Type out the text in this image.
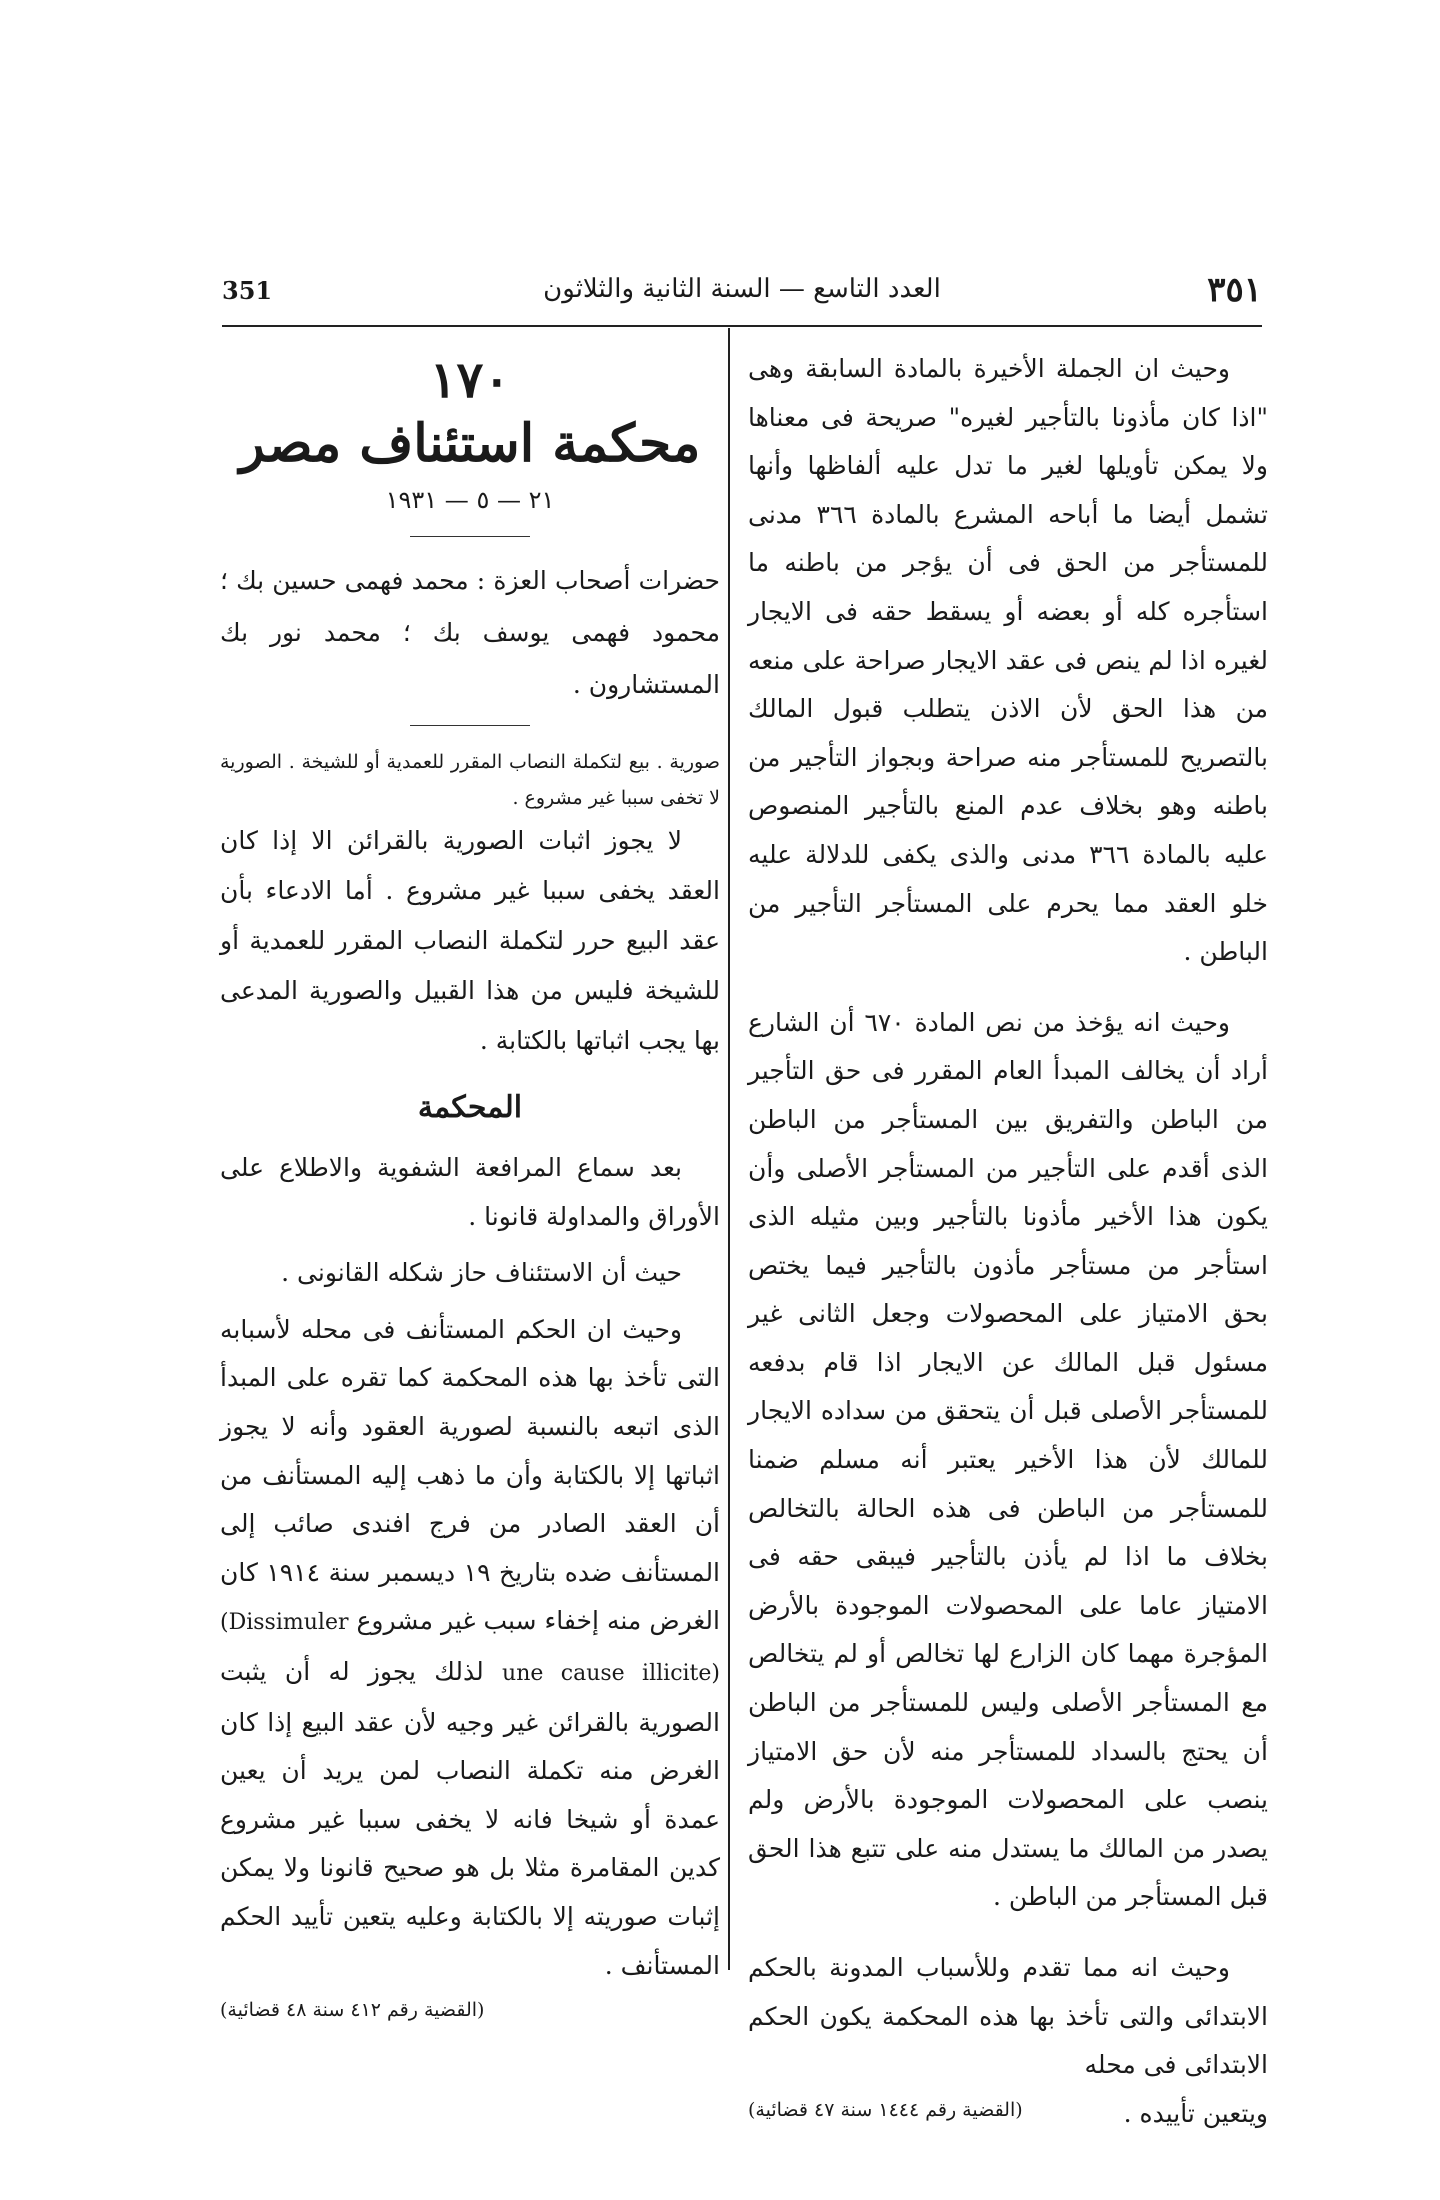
٣٥١
العدد التاسع — السنة الثانية والثلاثون
351

وحيث ان الجملة الأخيرة بالمادة السابقة وهى "اذا كان مأذونا بالتأجير لغيره" صريحة فى معناها ولا يمكن تأويلها لغير ما تدل عليه ألفاظها وأنها تشمل أيضا ما أباحه المشرع بالمادة ٣٦٦ مدنى للمستأجر من الحق فى أن يؤجر من باطنه ما استأجره كله أو بعضه أو يسقط حقه فى الايجار لغيره اذا لم ينص فى عقد الايجار صراحة على منعه من هذا الحق لأن الاذن يتطلب قبول المالك بالتصريح للمستأجر منه صراحة وبجواز التأجير من باطنه وهو بخلاف عدم المنع بالتأجير المنصوص عليه بالمادة ٣٦٦ مدنى والذى يكفى للدلالة عليه خلو العقد مما يحرم على المستأجر التأجير من الباطن .

وحيث انه يؤخذ من نص المادة ٦٧٠ أن الشارع أراد أن يخالف المبدأ العام المقرر فى حق التأجير من الباطن والتفريق بين المستأجر من الباطن الذى أقدم على التأجير من المستأجر الأصلى وأن يكون هذا الأخير مأذونا بالتأجير وبين مثيله الذى استأجر من مستأجر مأذون بالتأجير فيما يختص بحق الامتياز على المحصولات وجعل الثانى غير مسئول قبل المالك عن الايجار اذا قام بدفعه للمستأجر الأصلى قبل أن يتحقق من سداده الايجار للمالك لأن هذا الأخير يعتبر أنه مسلم ضمنا للمستأجر من الباطن فى هذه الحالة بالتخالص بخلاف ما اذا لم يأذن بالتأجير فيبقى حقه فى الامتياز عاما على المحصولات الموجودة بالأرض المؤجرة مهما كان الزارع لها تخالص أو لم يتخالص مع المستأجر الأصلى وليس للمستأجر من الباطن أن يحتج بالسداد للمستأجر منه لأن حق الامتياز ينصب على المحصولات الموجودة بالأرض ولم يصدر من المالك ما يستدل منه على تتبع هذا الحق قبل المستأجر من الباطن .

وحيث انه مما تقدم وللأسباب المدونة بالحكم الابتدائى والتى تأخذ بها هذه المحكمة يكون الحكم الابتدائى فى محله

ويتعين تأييده .
(القضية رقم ١٤٤٤ سنة ٤٧ قضائية)
١٧٠
محكمة استئناف مصر
٢١ — ٥ — ١٩٣١

حضرات أصحاب العزة : محمد فهمى حسين بك ؛ محمود فهمى يوسف بك ؛ محمد نور بك المستشارون .

صورية . بيع لتكملة النصاب المقرر للعمدية أو للشيخة . الصورية لا تخفى سببا غير مشروع .

لا يجوز اثبات الصورية بالقرائن الا إذا كان العقد يخفى سببا غير مشروع . أما الادعاء بأن عقد البيع حرر لتكملة النصاب المقرر للعمدية أو للشيخة فليس من هذا القبيل والصورية المدعى بها يجب اثباتها بالكتابة .

المحكمة

بعد سماع المرافعة الشفوية والاطلاع على الأوراق والمداولة قانونا .

حيث أن الاستئناف حاز شكله القانونى .

وحيث ان الحكم المستأنف فى محله لأسبابه التى تأخذ بها هذه المحكمة كما تقره على المبدأ الذى اتبعه بالنسبة لصورية العقود وأنه لا يجوز اثباتها إلا بالكتابة وأن ما ذهب إليه المستأنف من أن العقد الصادر من فرج افندى صائب إلى المستأنف ضده بتاريخ ١٩ ديسمبر سنة ١٩١٤ كان الغرض منه إخفاء سبب غير مشروع (Dissimuler une cause illicite) لذلك يجوز له أن يثبت الصورية بالقرائن غير وجيه لأن عقد البيع إذا كان الغرض منه تكملة النصاب لمن يريد أن يعين عمدة أو شيخا فانه لا يخفى سببا غير مشروع كدين المقامرة مثلا بل هو صحيح قانونا ولا يمكن إثبات صوريته إلا بالكتابة وعليه يتعين تأييد الحكم المستأنف .

(القضية رقم ٤١٢ سنة ٤٨ قضائية)
